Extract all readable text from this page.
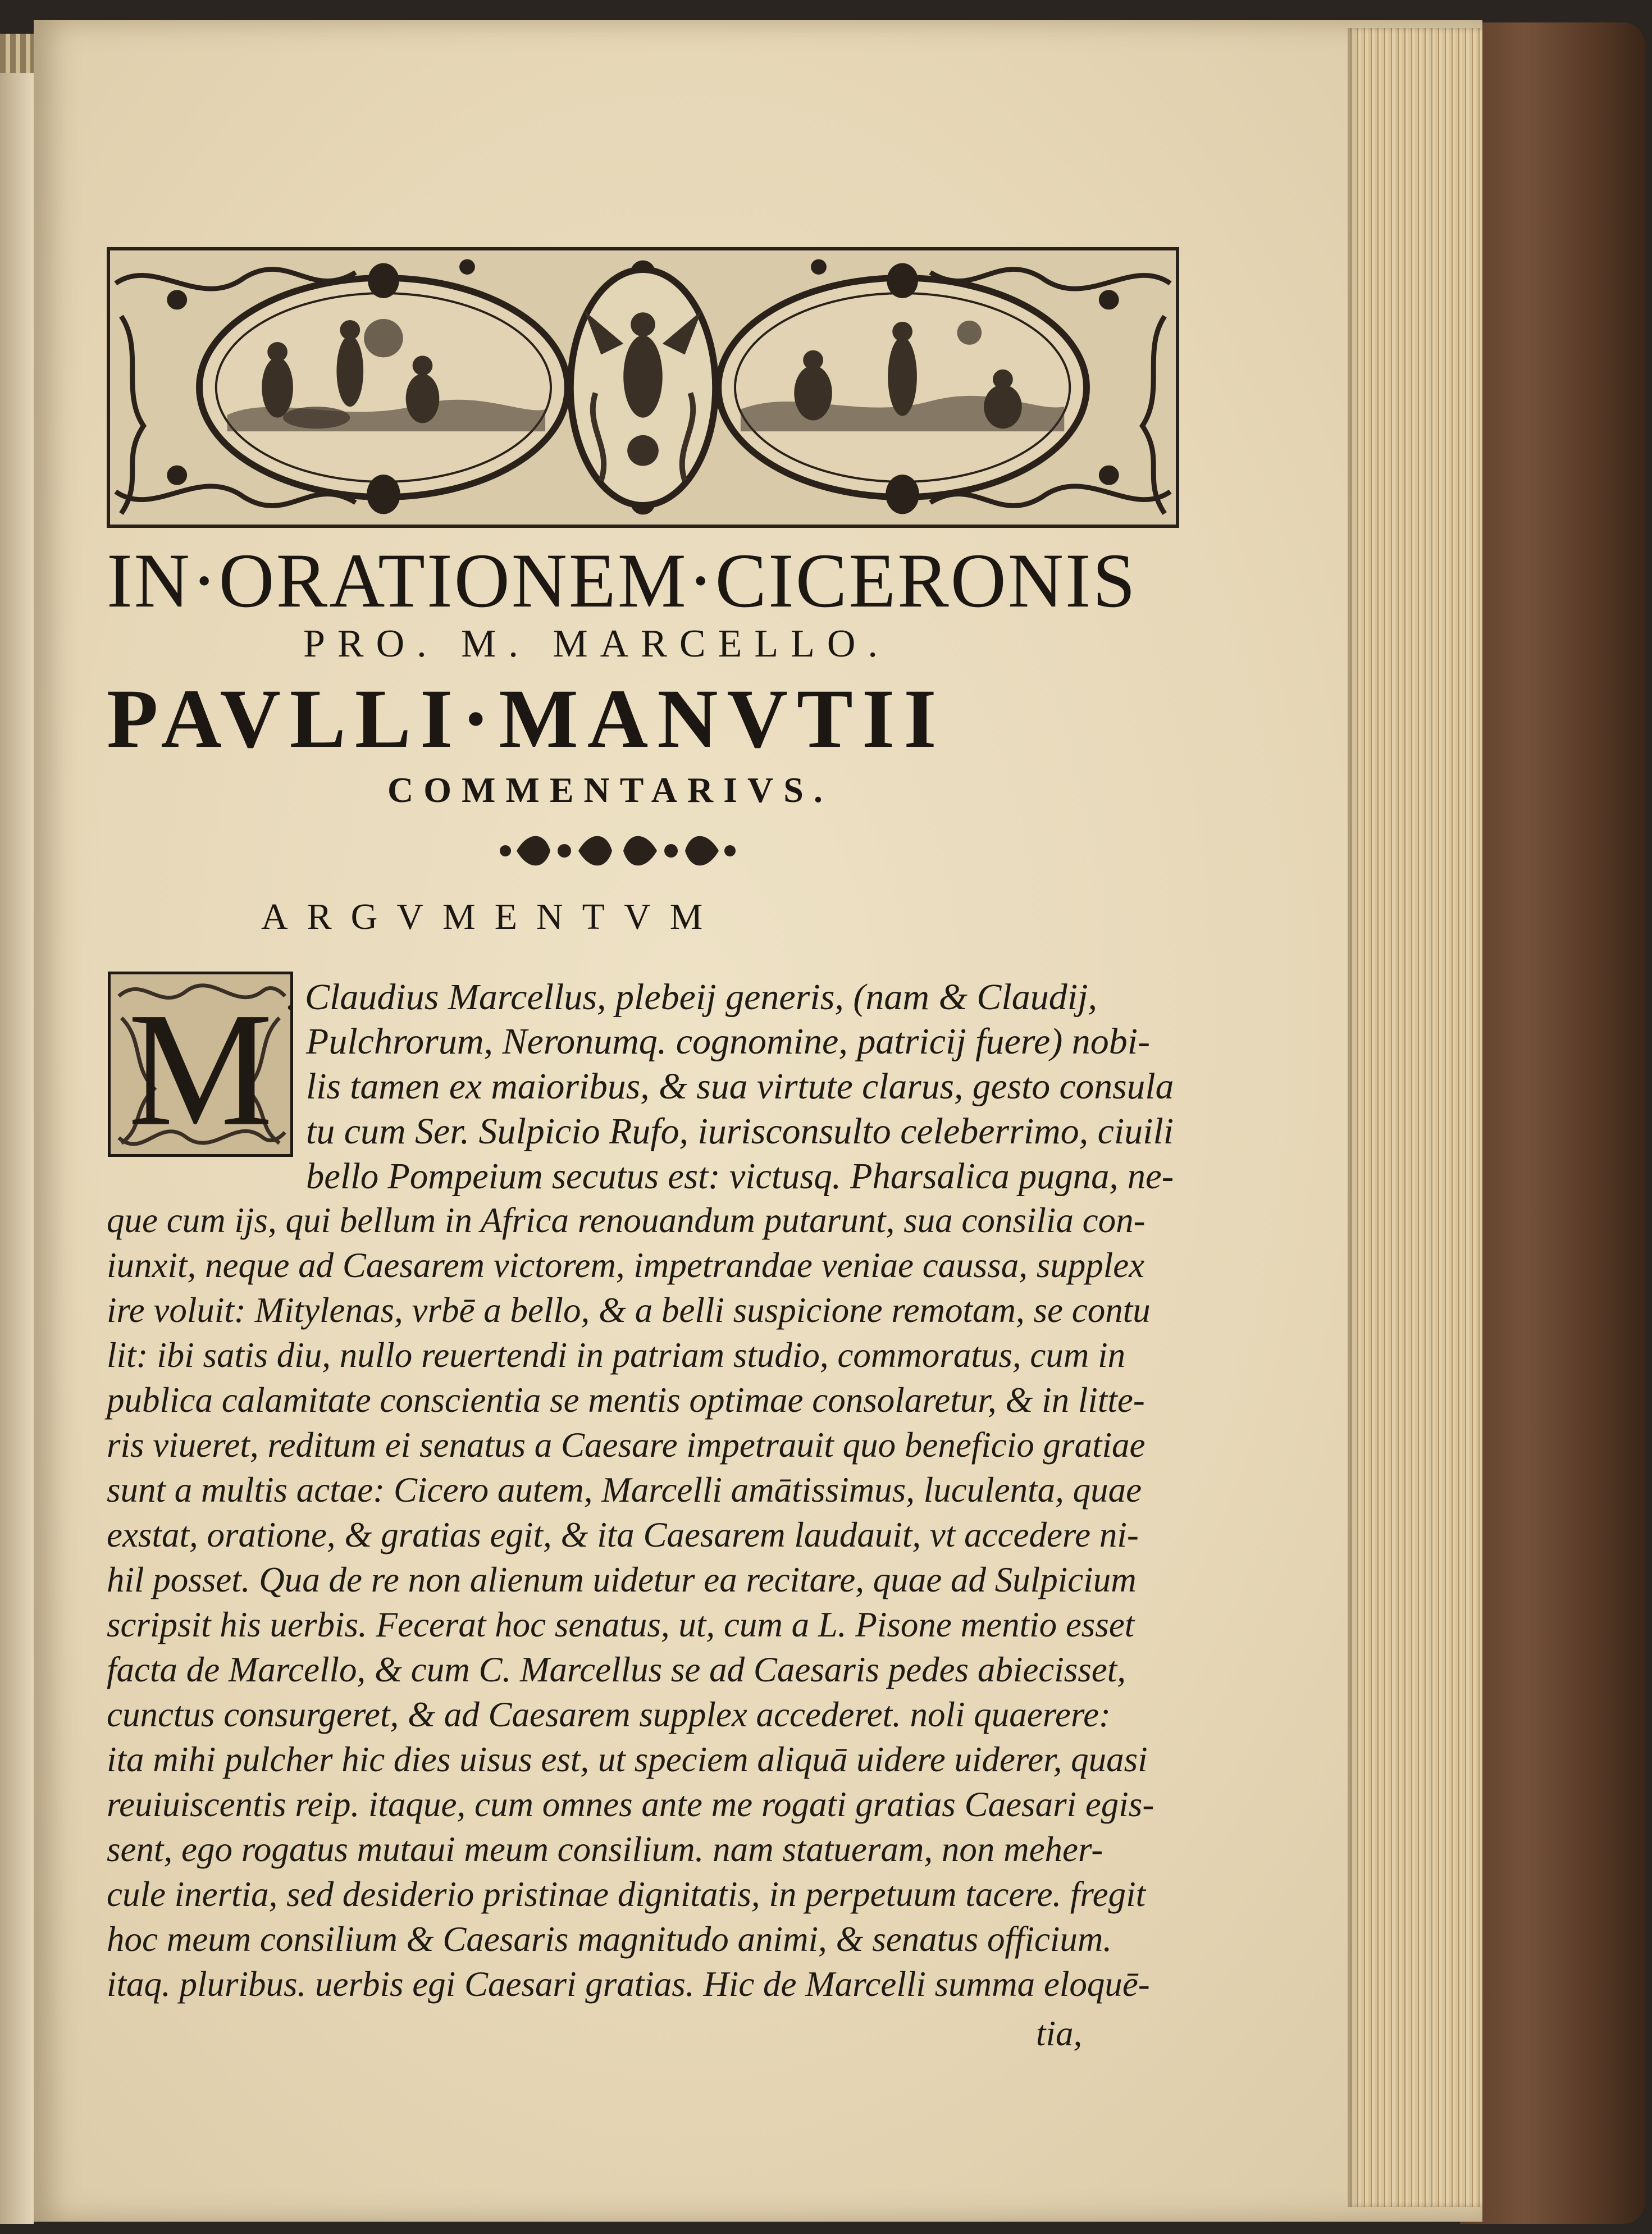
IN·ORATIONEM·CICERONIS
PRO. M. MARCELLO.
PAVLLI·MANVTII
COMMENTARIVS.
ARGVMENTVM
M . Claudius Marcellus, plebeij generis, (nam & Claudij,
Pulchrorum, Neronumq. cognomine, patricij fuere) nobi-
lis tamen ex maioribus, & sua virtute clarus, gesto consula
tu cum Ser. Sulpicio Rufo, iurisconsulto celeberrimo, ciuili
bello Pompeium secutus est: victusq. Pharsalica pugna, ne-
que cum ijs, qui bellum in Africa renouandum putarunt, sua consilia con-
iunxit, neque ad Caesarem victorem, impetrandae veniae caussa, supplex
ire voluit: Mitylenas, vrbē a bello, & a belli suspicione remotam, se contu
lit: ibi satis diu, nullo reuertendi in patriam studio, commoratus, cum in
publica calamitate conscientia se mentis optimae consolaretur, & in litte-
ris viueret, reditum ei senatus a Caesare impetrauit quo beneficio gratiae
sunt a multis actae: Cicero autem, Marcelli amātissimus, luculenta, quae
exstat, oratione, & gratias egit, & ita Caesarem laudauit, vt accedere ni-
hil posset. Qua de re non alienum uidetur ea recitare, quae ad Sulpicium
scripsit his uerbis. Fecerat hoc senatus, ut, cum a L. Pisone mentio esset
facta de Marcello, & cum C. Marcellus se ad Caesaris pedes abiecisset,
cunctus consurgeret, & ad Caesarem supplex accederet. noli quaerere:
ita mihi pulcher hic dies uisus est, ut speciem aliquā uidere uiderer, quasi
reuiuiscentis reip. itaque, cum omnes ante me rogati gratias Caesari egis-
sent, ego rogatus mutaui meum consilium. nam statueram, non meher-
cule inertia, sed desiderio pristinae dignitatis, in perpetuum tacere. fregit
hoc meum consilium & Caesaris magnitudo animi, & senatus officium.
itaq. pluribus. uerbis egi Caesari gratias. Hic de Marcelli summa eloquē-
tia,
